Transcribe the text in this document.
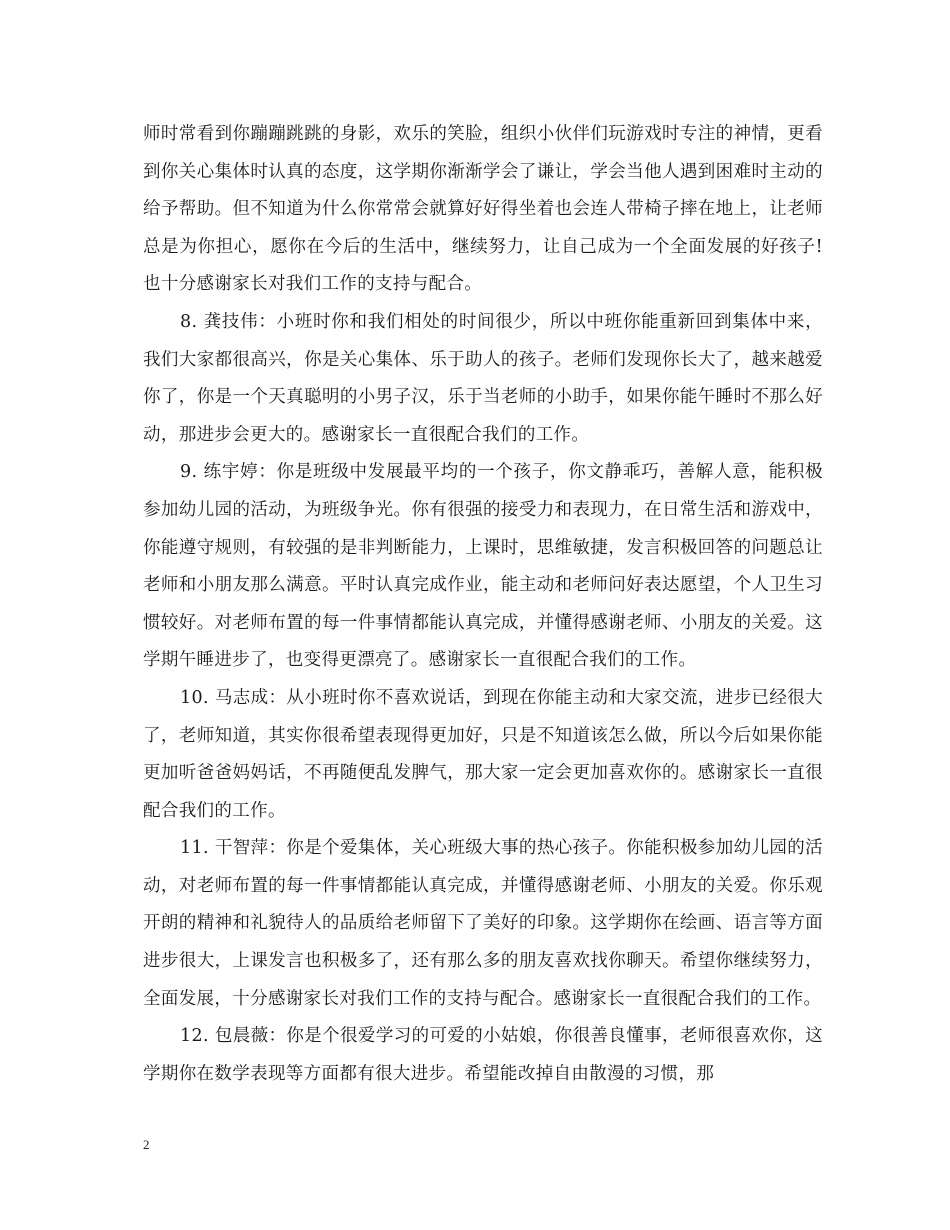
师时常看到你蹦蹦跳跳的身影，欢乐的笑脸，组织小伙伴们玩游戏时专注的神情，更看到你关心集体时认真的态度，这学期你渐渐学会了谦让，学会当他人遇到困难时主动的给予帮助。但不知道为什么你常常会就算好好得坐着也会连人带椅子摔在地上，让老师总是为你担心，愿你在今后的生活中，继续努力，让自己成为一个全面发展的好孩子!也十分感谢家长对我们工作的支持与配合。

8. 龚技伟：小班时你和我们相处的时间很少，所以中班你能重新回到集体中来，我们大家都很高兴，你是关心集体、乐于助人的孩子。老师们发现你长大了，越来越爱你了，你是一个天真聪明的小男子汉，乐于当老师的小助手，如果你能午睡时不那么好动，那进步会更大的。感谢家长一直很配合我们的工作。

9. 练宇婷：你是班级中发展最平均的一个孩子，你文静乖巧，善解人意，能积极参加幼儿园的活动，为班级争光。你有很强的接受力和表现力，在日常生活和游戏中，你能遵守规则，有较强的是非判断能力，上课时，思维敏捷，发言积极回答的问题总让老师和小朋友那么满意。平时认真完成作业，能主动和老师问好表达愿望，个人卫生习惯较好。对老师布置的每一件事情都能认真完成，并懂得感谢老师、小朋友的关爱。这学期午睡进步了，也变得更漂亮了。感谢家长一直很配合我们的工作。

10. 马志成：从小班时你不喜欢说话，到现在你能主动和大家交流，进步已经很大了，老师知道，其实你很希望表现得更加好，只是不知道该怎么做，所以今后如果你能更加听爸爸妈妈话，不再随便乱发脾气，那大家一定会更加喜欢你的。感谢家长一直很配合我们的工作。

11. 干智萍：你是个爱集体，关心班级大事的热心孩子。你能积极参加幼儿园的活动，对老师布置的每一件事情都能认真完成，并懂得感谢老师、小朋友的关爱。你乐观开朗的精神和礼貌待人的品质给老师留下了美好的印象。这学期你在绘画、语言等方面进步很大，上课发言也积极多了，还有那么多的朋友喜欢找你聊天。希望你继续努力，全面发展，十分感谢家长对我们工作的支持与配合。感谢家长一直很配合我们的工作。

12. 包晨薇：你是个很爱学习的可爱的小姑娘，你很善良懂事，老师很喜欢你，这学期你在数学表现等方面都有很大进步。希望能改掉自由散漫的习惯，那

2
